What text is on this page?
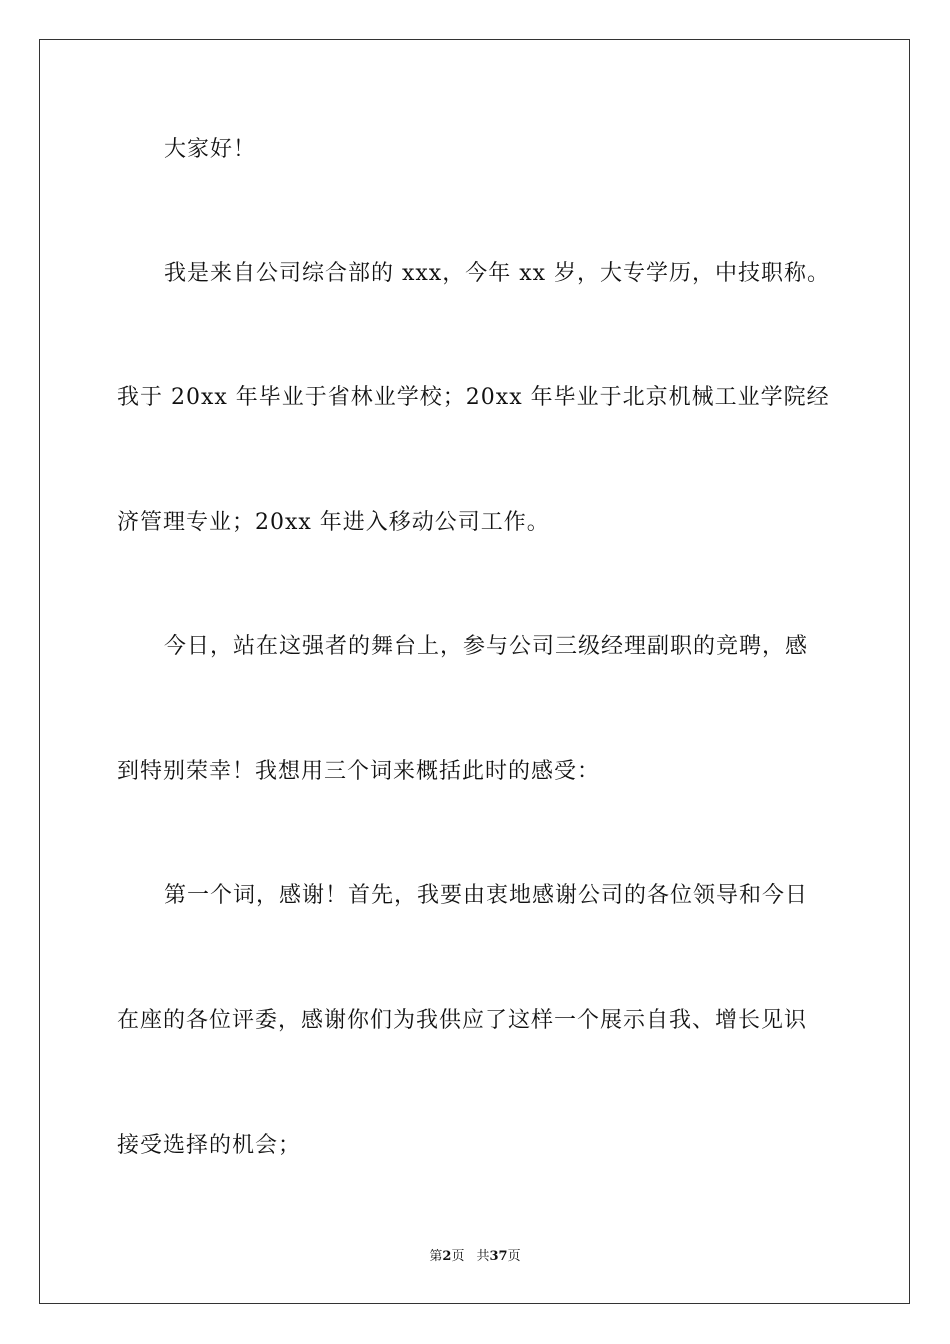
大家好！
我是来自公司综合部的 xxx，今年 xx 岁，大专学历，中技职称。
我于 20xx 年毕业于省林业学校；20xx 年毕业于北京机械工业学院经
济管理专业；20xx 年进入移动公司工作。
今日，站在这强者的舞台上，参与公司三级经理副职的竞聘，感
到特别荣幸！我想用三个词来概括此时的感受：
第一个词，感谢！首先，我要由衷地感谢公司的各位领导和今日
在座的各位评委，感谢你们为我供应了这样一个展示自我、增长见识
接受选择的机会；
第2页 共37页
